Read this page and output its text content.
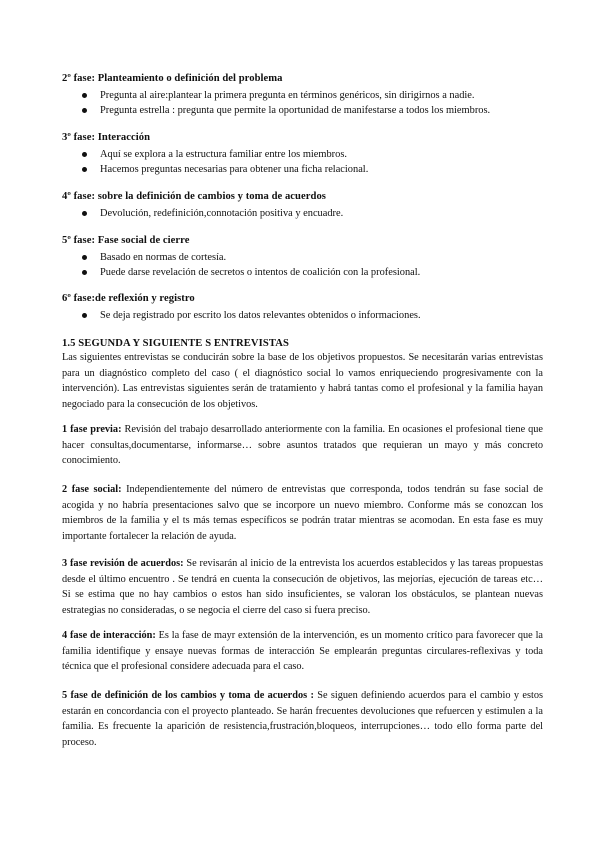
2º fase: Planteamiento o definición del problema
Pregunta al aire:plantear la primera pregunta en términos genéricos, sin dirigirnos a nadie.
Pregunta estrella : pregunta que permite la oportunidad de manifestarse a todos los miembros.
3º fase: Interacción
Aquí se explora a la estructura familiar entre los miembros.
Hacemos preguntas necesarias para obtener una ficha relacional.
4º fase: sobre la definición de cambios y toma de acuerdos
Devolución, redefinición,connotación positiva y encuadre.
5º fase: Fase social de cierre
Basado en normas de cortesía.
Puede darse revelación de secretos o intentos de coalición con la profesional.
6º fase:de reflexión y registro
Se deja registrado por escrito los datos relevantes obtenidos o informaciones.
1.5 SEGUNDA Y SIGUIENTE S ENTREVISTAS

Las siguientes entrevistas se conducirán sobre la base de los objetivos propuestos. Se necesitarán varias entrevistas para un diagnóstico completo del caso ( el diagnóstico social lo vamos enriqueciendo progresivamente con la intervención). Las entrevistas siguientes serán de tratamiento y habrá tantas como el profesional y la familia hayan negociado para la consecución de los objetivos.

1 fase previa: Revisión del trabajo desarrollado anteriormente con la familia. En ocasiones el profesional tiene que hacer consultas,documentarse, informarse… sobre asuntos tratados que requieran un mayo y más concreto conocimiento.

2 fase social: Independientemente del número de entrevistas que corresponda, todos tendrán su fase social de acogida y no habría presentaciones salvo que se incorpore un nuevo miembro. Conforme más se conozcan los miembros de la familia y el ts más temas específicos se podrán tratar mientras se acomodan. En esta fase es muy importante fortalecer la relación de ayuda.

3 fase revisión de acuerdos: Se revisarán al inicio de la entrevista los acuerdos establecidos y las tareas propuestas desde el último encuentro . Se tendrá en cuenta la consecución de objetivos, las mejorías, ejecución de tareas etc… Si se estima que no hay cambios o estos han sido insuficientes, se valoran los obstáculos, se plantean nuevas estrategias no consideradas, o se negocia el cierre del caso si fuera preciso.

4 fase de interacción: Es la fase de mayr extensión de la intervención, es un momento crítico para favorecer que la familia identifique y ensaye nuevas formas de interacción Se emplearán preguntas circulares-reflexivas y toda técnica que el profesional considere adecuada para el caso.

5 fase de definición de los cambios y toma de acuerdos : Se siguen definiendo acuerdos para el cambio y estos estarán en concordancia con el proyecto planteado. Se harán frecuentes devoluciones que refuercen y estimulen a la familia. Es frecuente la aparición de resistencia,frustración,bloqueos, interrupciones… todo ello forma parte del proceso.
